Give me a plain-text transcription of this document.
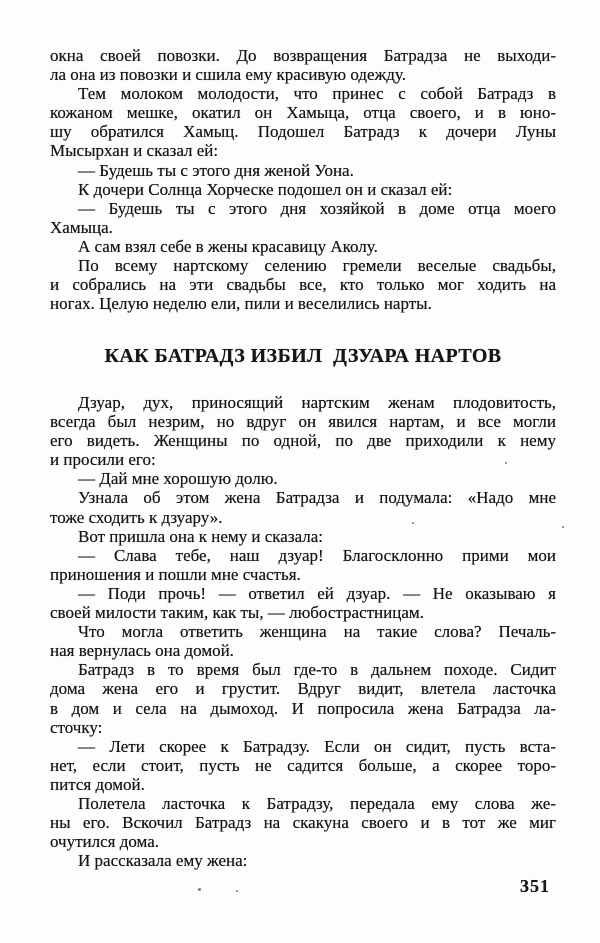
окна своей повозки. До возвращения Батрадза не выходи-
ла она из повозки и сшила ему красивую одежду.
Тем молоком молодости, что принес с собой Батрадз в
кожаном мешке, окатил он Хамыца, отца своего, и в юно-
шу обратился Хамыц. Подошел Батрадз к дочери Луны
Мысырхан и сказал ей:
— Будешь ты с этого дня женой Уона.
К дочери Солнца Хорческе подошел он и сказал ей:
— Будешь ты с этого дня хозяйкой в доме отца моего
Хамыца.
А сам взял себе в жены красавицу Аколу.
По всему нартскому селению гремели веселые свадьбы,
и собрались на эти свадьбы все, кто только мог ходить на
ногах. Целую неделю ели, пили и веселились нарты.
КАК БАТРАДЗ ИЗБИЛ  ДЗУАРА НАРТОВ
Дзуар, дух, приносящий нартским женам плодовитость,
всегда был незрим, но вдруг он явился нартам, и все могли
его видеть. Женщины по одной, по две приходили к нему
и просили его:
— Дай мне хорошую долю.
Узнала об этом жена Батрадза и подумала: «Надо мне
тоже сходить к дзуару».
Вот пришла она к нему и сказала:
— Слава тебе, наш дзуар! Благосклонно прими мои
приношения и пошли мне счастья.
— Поди прочь! — ответил ей дзуар. — Не оказываю я
своей милости таким, как ты, — любострастницам.
Что могла ответить женщина на такие слова? Печаль-
ная вернулась она домой.
Батрадз в то время был где-то в дальнем походе. Сидит
дома жена его и грустит. Вдруг видит, влетела ласточка
в дом и села на дымоход. И попросила жена Батрадза ла-
сточку:
— Лети скорее к Батрадзу. Если он сидит, пусть вста-
нет, если стоит, пусть не садится больше, а скорее торо-
пится домой.
Полетела ласточка к Батрадзу, передала ему слова же-
ны его. Вскочил Батрадз на скакуна своего и в тот же миг
очутился дома.
И рассказала ему жена:
351
